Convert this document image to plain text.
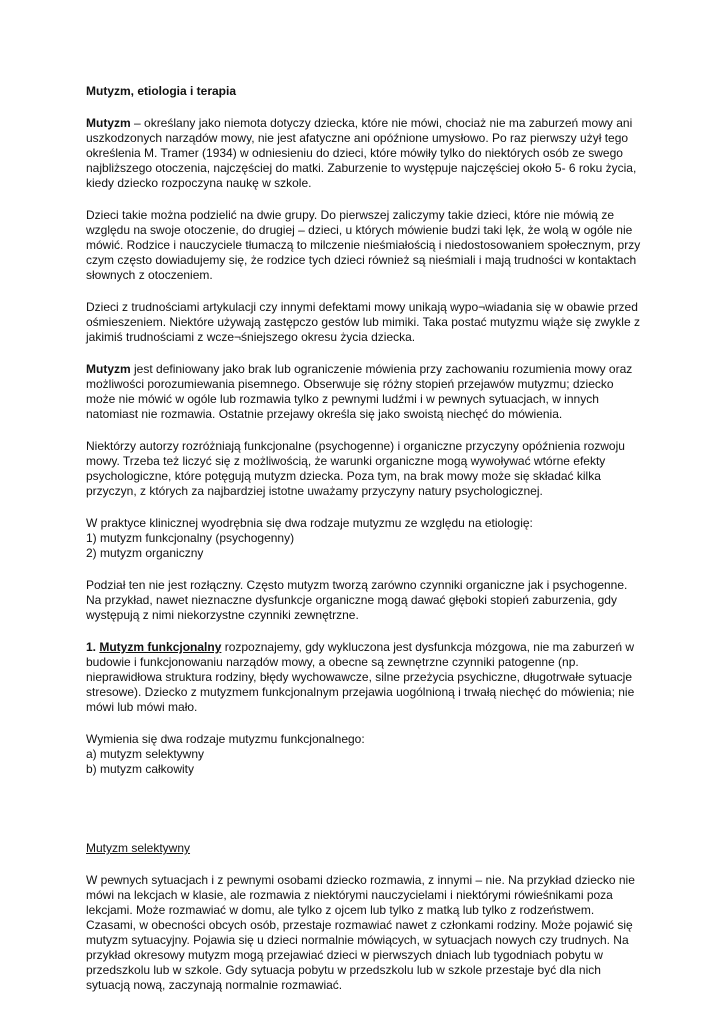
Mutyzm, etiologia i terapia

Mutyzm – określany jako niemota dotyczy dziecka, które nie mówi, chociaż nie ma zaburzeń mowy ani uszkodzonych narządów mowy, nie jest afatyczne ani opóźnione umysłowo. Po raz pierwszy użył tego określenia M. Tramer (1934) w odniesieniu do dzieci, które mówiły tylko do niektórych osób ze swego najbliższego otoczenia, najczęściej do matki. Zaburzenie to występuje najczęściej około 5- 6 roku życia, kiedy dziecko rozpoczyna naukę w szkole.

Dzieci takie można podzielić na dwie grupy. Do pierwszej zaliczymy takie dzieci, które nie mówią ze względu na swoje otoczenie, do drugiej – dzieci, u których mówienie budzi taki lęk, że wolą w ogóle nie mówić. Rodzice i nauczyciele tłumaczą to milczenie nieśmiałością i niedostosowaniem społecznym, przy czym często dowiadujemy się, że rodzice tych dzieci również są nieśmiali i mają trudności w kontaktach słownych z otoczeniem.

Dzieci z trudnościami artykulacji czy innymi defektami mowy unikają wypo¬wiadania się w obawie przed ośmieszeniem. Niektóre używają zastępczo gestów lub mimiki. Taka postać mutyzmu wiąże się zwykle z jakimiś trudnościami z wcze¬śniejszego okresu życia dziecka.

Mutyzm jest definiowany jako brak lub ograniczenie mówienia przy zachowaniu rozumienia mowy oraz możliwości porozumiewania pisemnego. Obserwuje się różny stopień przejawów mutyzmu; dziecko może nie mówić w ogóle lub rozmawia tylko z pewnymi ludźmi i w pewnych sytuacjach, w innych natomiast nie rozmawia. Ostatnie przejawy określa się jako swoistą niechęć do mówienia.

Niektórzy autorzy rozróżniają funkcjonalne (psychogenne) i organiczne przyczyny opóźnienia rozwoju mowy. Trzeba też liczyć się z możliwością, że warunki organiczne mogą wywoływać wtórne efekty psychologiczne, które potęgują mutyzm dziecka. Poza tym, na brak mowy może się składać kilka przyczyn, z których za najbardziej istotne uważamy przyczyny natury psychologicznej.

W praktyce klinicznej wyodrębnia się dwa rodzaje mutyzmu ze względu na etiologię:
1) mutyzm funkcjonalny (psychogenny)
2) mutyzm organiczny

Podział ten nie jest rozłączny. Często mutyzm tworzą zarówno czynniki organiczne jak i psychogenne. Na przykład, nawet nieznaczne dysfunkcje organiczne mogą dawać głęboki stopień zaburzenia, gdy występują z nimi niekorzystne czynniki zewnętrzne.

1. Mutyzm funkcjonalny rozpoznajemy, gdy wykluczona jest dysfunkcja mózgowa, nie ma zaburzeń w budowie i funkcjonowaniu narządów mowy, a obecne są zewnętrzne czynniki patogenne (np. nieprawidłowa struktura rodziny, błędy wychowawcze, silne przeżycia psychiczne, długotrwałe sytuacje stresowe). Dziecko z mutyzmem funkcjonalnym przejawia uogólnioną i trwałą niechęć do mówienia; nie mówi lub mówi mało.

Wymienia się dwa rodzaje mutyzmu funkcjonalnego:
a) mutyzm selektywny
b) mutyzm całkowity
Mutyzm selektywny

W pewnych sytuacjach i z pewnymi osobami dziecko rozmawia, z innymi – nie. Na przykład dziecko nie mówi na lekcjach w klasie, ale rozmawia z niektórymi nauczycielami i niektórymi rówieśnikami poza lekcjami. Może rozmawiać w domu, ale tylko z ojcem lub tylko z matką lub tylko z rodzeństwem. Czasami, w obecności obcych osób, przestaje rozmawiać nawet z członkami rodziny. Może pojawić się mutyzm sytuacyjny. Pojawia się u dzieci normalnie mówiących, w sytuacjach nowych czy trudnych. Na przykład okresowy mutyzm mogą przejawiać dzieci w pierwszych dniach lub tygodniach pobytu w przedszkolu lub w szkole. Gdy sytuacja pobytu w przedszkolu lub w szkole przestaje być dla nich sytuacją nową, zaczynają normalnie rozmawiać.
